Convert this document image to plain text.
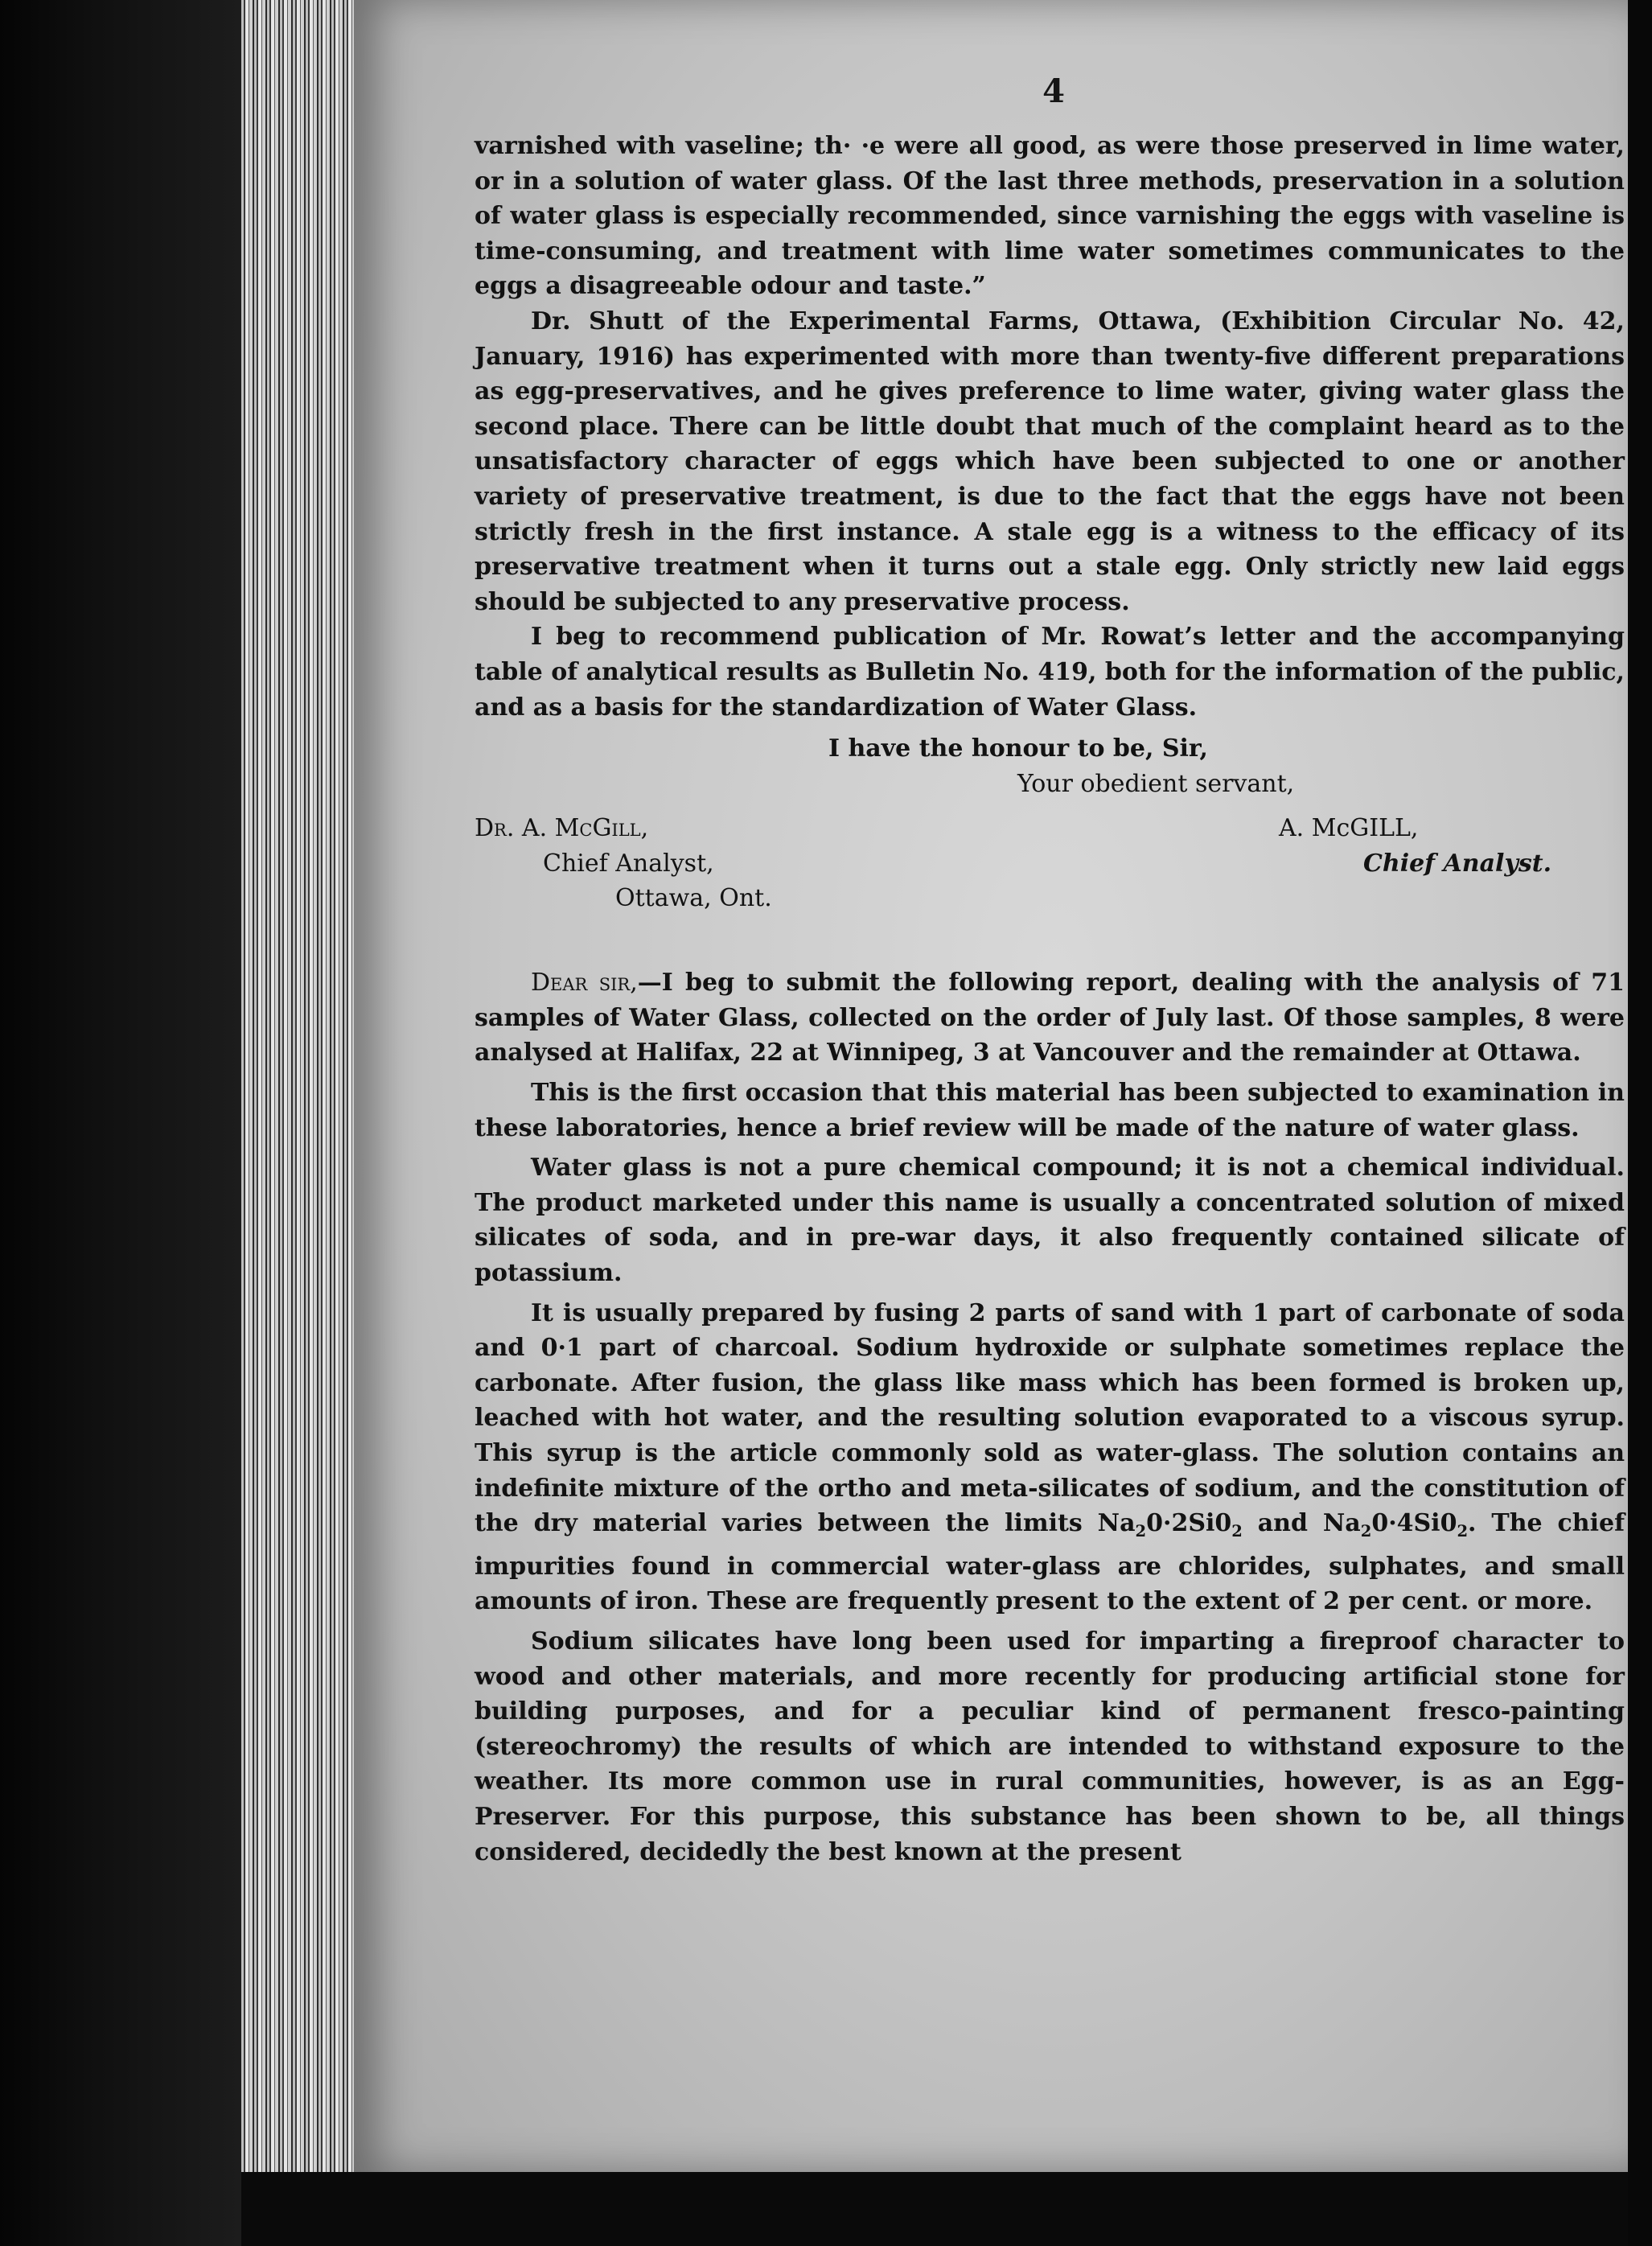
4

varnished with vaseline; th· ·e were all good, as were those preserved in lime water, or in a solution of water glass. Of the last three methods, preservation in a solution of water glass is especially recommended, since varnishing the eggs with vaseline is time-consuming, and treatment with lime water sometimes communicates to the eggs a disagreeable odour and taste.”

Dr. Shutt of the Experimental Farms, Ottawa, (Exhibition Circular No. 42, January, 1916) has experimented with more than twenty-five different preparations as egg-preservatives, and he gives preference to lime water, giving water glass the second place. There can be little doubt that much of the complaint heard as to the unsatisfactory character of eggs which have been subjected to one or another variety of preservative treatment, is due to the fact that the eggs have not been strictly fresh in the first instance. A stale egg is a witness to the efficacy of its preservative treatment when it turns out a stale egg. Only strictly new laid eggs should be subjected to any preservative process.

I beg to recommend publication of Mr. Rowat’s letter and the accompanying table of analytical results as Bulletin No. 419, both for the information of the public, and as a basis for the standardization of Water Glass.

I have the honour to be, Sir,

Your obedient servant,

Dr. A. McGill,
Chief Analyst,
Ottawa, Ont.
A. McGILL,
Chief Analyst.

Dear sir,—I beg to submit the following report, dealing with the analysis of 71 samples of Water Glass, collected on the order of July last. Of those samples, 8 were analysed at Halifax, 22 at Winnipeg, 3 at Vancouver and the remainder at Ottawa.

This is the first occasion that this material has been subjected to examination in these laboratories, hence a brief review will be made of the nature of water glass.

Water glass is not a pure chemical compound; it is not a chemical individual. The product marketed under this name is usually a concentrated solution of mixed silicates of soda, and in pre-war days, it also frequently contained silicate of potassium.

It is usually prepared by fusing 2 parts of sand with 1 part of carbonate of soda and 0·1 part of charcoal. Sodium hydroxide or sulphate sometimes replace the carbonate. After fusion, the glass like mass which has been formed is broken up, leached with hot water, and the resulting solution evaporated to a viscous syrup. This syrup is the article commonly sold as water-glass. The solution contains an indefinite mixture of the ortho and meta-silicates of sodium, and the constitution of the dry material varies between the limits $Na_20\cdot 2Si0_2$ and $Na_20\cdot 4Si0_2$. The chief impurities found in commercial water-glass are chlorides, sulphates, and small amounts of iron. These are frequently present to the extent of 2 per cent. or more.

Sodium silicates have long been used for imparting a fireproof character to wood and other materials, and more recently for producing artificial stone for building purposes, and for a peculiar kind of permanent fresco-painting (stereochromy) the results of which are intended to withstand exposure to the weather. Its more common use in rural communities, however, is as an Egg-Preserver. For this purpose, this substance has been shown to be, all things considered, decidedly the best known at the present
